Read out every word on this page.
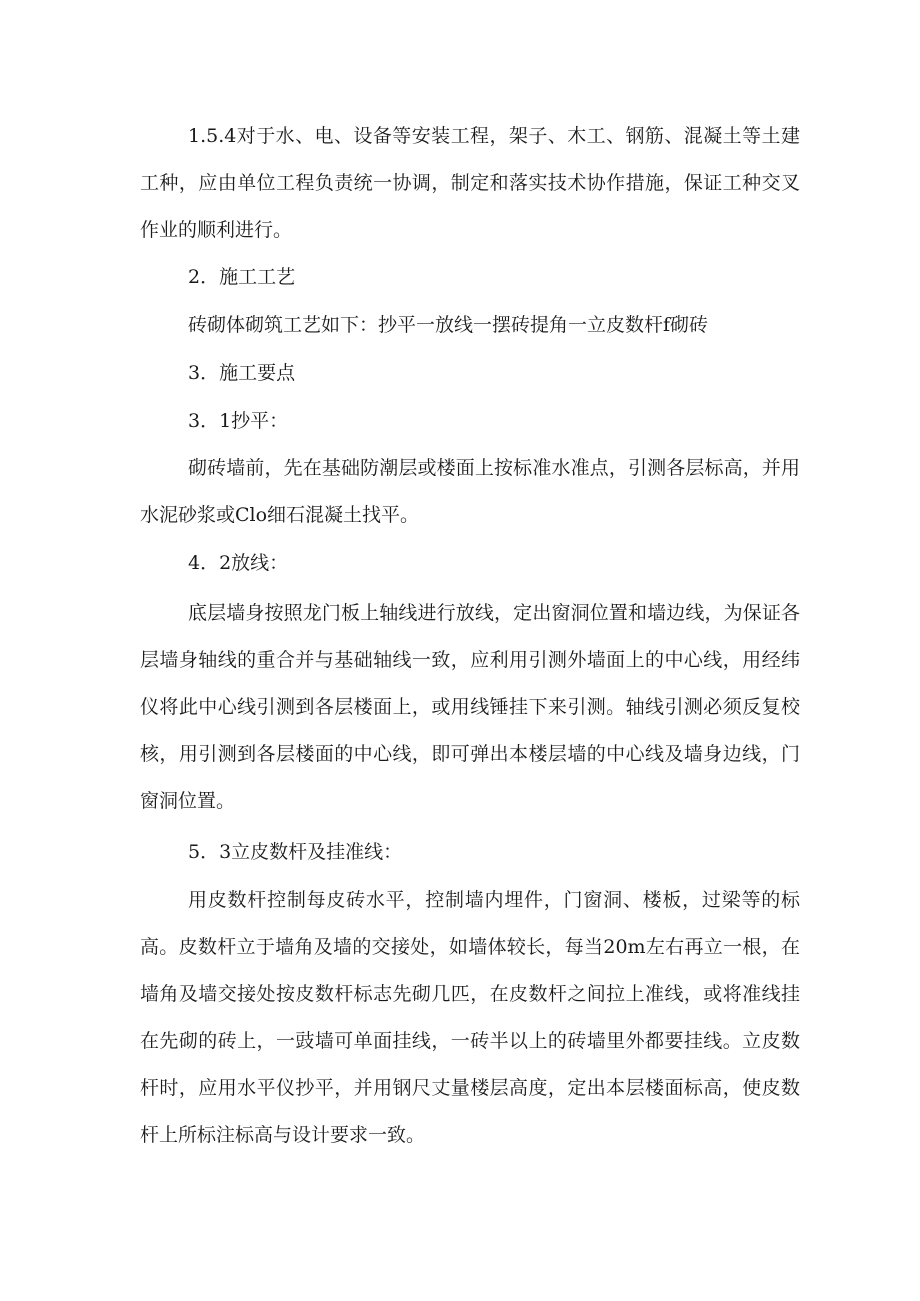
1.5.4对于水、电、设备等安装工程，架子、木工、钢筋、混凝土等土建工种，应由单位工程负责统一协调，制定和落实技术协作措施，保证工种交叉作业的顺利进行。

2．施工工艺

砖砌体砌筑工艺如下：抄平一放线一摆砖提角一立皮数杆f砌砖

3．施工要点

3．1抄平：

砌砖墙前，先在基础防潮层或楼面上按标准水准点，引测各层标高，并用水泥砂浆或Clo细石混凝土找平。

4．2放线：

底层墙身按照龙门板上轴线进行放线，定出窗洞位置和墙边线，为保证各层墙身轴线的重合并与基础轴线一致，应利用引测外墙面上的中心线，用经纬仪将此中心线引测到各层楼面上，或用线锤挂下来引测。轴线引测必须反复校核，用引测到各层楼面的中心线，即可弹出本楼层墙的中心线及墙身边线，门窗洞位置。

5．3立皮数杆及挂准线：

用皮数杆控制每皮砖水平，控制墙内埋件，门窗洞、楼板，过梁等的标高。皮数杆立于墙角及墙的交接处，如墙体较长，每当20m左右再立一根，在墙角及墙交接处按皮数杆标志先砌几匹，在皮数杆之间拉上准线，或将准线挂在先砌的砖上，一豉墙可单面挂线，一砖半以上的砖墙里外都要挂线。立皮数杆时，应用水平仪抄平，并用钢尺丈量楼层高度，定出本层楼面标高，使皮数杆上所标注标高与设计要求一致。
